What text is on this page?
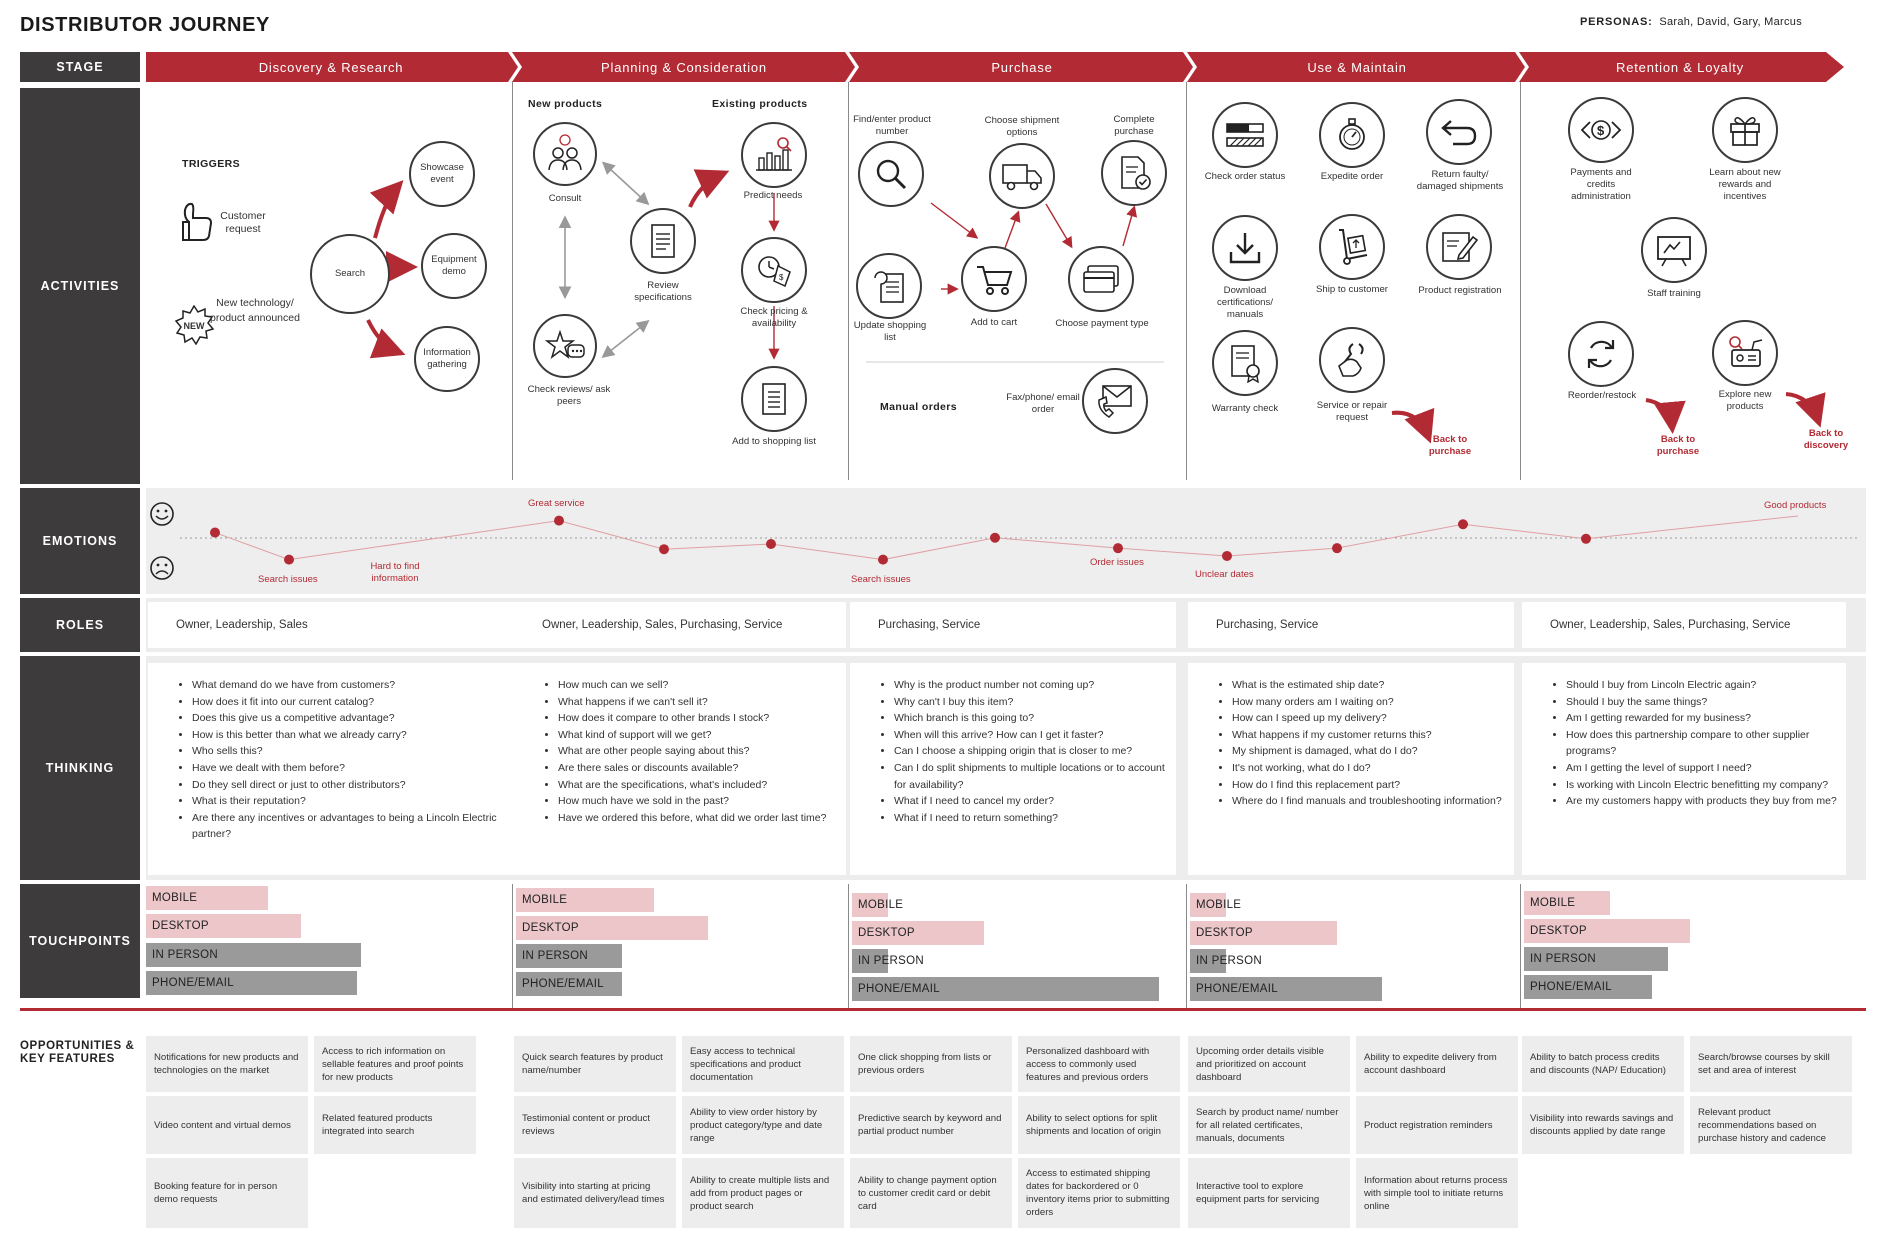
DISTRIBUTOR JOURNEY	PERSONAS: Sarah, David, Gary, Marcus
STAGE
ACTIVITIES
EMOTIONS
ROLES
THINKING
TOUCHPOINTS
Discovery & Research	Planning & Consideration	Purchase	Use & Maintain	Retention & Loyalty
TRIGGERS
Customer request
NEW
New technology/ product announced
Search
Showcase event
Equipment demo
Information gathering
New products	Existing products
Consult
Review specifications
Check reviews/ ask peers
Predict needs
$
Check pricing & availability
Add to shopping list
Find/enter product number
Choose shipment options
Complete purchase
Update shopping list
Add to cart	Choose payment type
Manual orders
Fax/phone/ email order
Check order status	Expedite order	Return faulty/ damaged shipments
Download certifications/ manuals
Ship to customer	Product registration
Warranty check	Service or repair request
Back to purchase
$
Payments and credits administration
Learn about new rewards and incentives
Staff training
Reorder/restock
Back to purchase
Explore new products
Back to discovery
Search issues
Hard to find information
Great service
Search issues
Order issues
Unclear dates
Good products
Owner, Leadership, Sales	Owner, Leadership, Sales, Purchasing, Service	Purchasing, Service	Purchasing, Service	Owner, Leadership, Sales, Purchasing, Service
• What demand do we have from customers?
• How does it fit into our current catalog?
• Does this give us a competitive advantage?
• How is this better than what we already carry?
• Who sells this?
• Have we dealt with them before?
• Do they sell direct or just to other distributors?
• What is their reputation?
• Are there any incentives or advantages to being a Lincoln Electric partner?
• How much can we sell?
• What happens if we can't sell it?
• How does it compare to other brands I stock?
• What kind of support will we get?
• What are other people saying about this?
• Are there sales or discounts available?
• What are the specifications, what's included?
• How much have we sold in the past?
• Have we ordered this before, what did we order last time?
• Why is the product number not coming up?
• Why can't I buy this item?
• Which branch is this going to?
• When will this arrive? How can I get it faster?
• Can I choose a shipping origin that is closer to me?
• Can I do split shipments to multiple locations or to account for availability?
• What if I need to cancel my order?
• What if I need to return something?
• What is the estimated ship date?
• How many orders am I waiting on?
• How can I speed up my delivery?
• What happens if my customer returns this?
• My shipment is damaged, what do I do?
• It's not working, what do I do?
• How do I find this replacement part?
• Where do I find manuals and troubleshooting information?
• Should I buy from Lincoln Electric again?
• Should I buy the same things?
• Am I getting rewarded for my business?
• How does this partnership compare to other supplier programs?
• Am I getting the level of support I need?
• Is working with Lincoln Electric benefitting my company?
• Are my customers happy with products they buy from me?
MOBILE
DESKTOP
IN PERSON
PHONE/EMAIL
MOBILE
DESKTOP
IN PERSON
PHONE/EMAIL
MOBILE
DESKTOP
IN PERSON
PHONE/EMAIL
MOBILE
DESKTOP
IN PERSON
PHONE/EMAIL
MOBILE
DESKTOP
IN PERSON
PHONE/EMAIL
OPPORTUNITIES & KEY FEATURES	Notifications for new products and technologies on the market
Access to rich information on sellable features and proof points for new products
Video content and virtual demos
Related featured products integrated into search
Booking feature for in person demo requests
Quick search features by product name/number
Easy access to technical specifications and product documentation
Testimonial content or product reviews
Ability to view order history by product category/type and date range
Visibility into starting at pricing and estimated delivery/lead times
Ability to create multiple lists and add from product pages or product search
One click shopping from lists or previous orders
Personalized dashboard with access to commonly used features and previous orders
Predictive search by keyword and partial product number
Ability to select options for split shipments and location of origin
Ability to change payment option to customer credit card or debit card
Access to estimated shipping dates for backordered or 0 inventory items prior to submitting orders
Upcoming order details visible and prioritized on account dashboard
Ability to expedite delivery from account dashboard
Search by product name/ number for all related certificates, manuals, documents
Product registration reminders
Interactive tool to explore equipment parts for servicing
Information about returns process with simple tool to initiate returns online
Ability to batch process credits and discounts (NAP/ Education)
Search/browse courses by skill set and area of interest
Visibility into rewards savings and discounts applied by date range
Relevant product recommendations based on purchase history and cadence
